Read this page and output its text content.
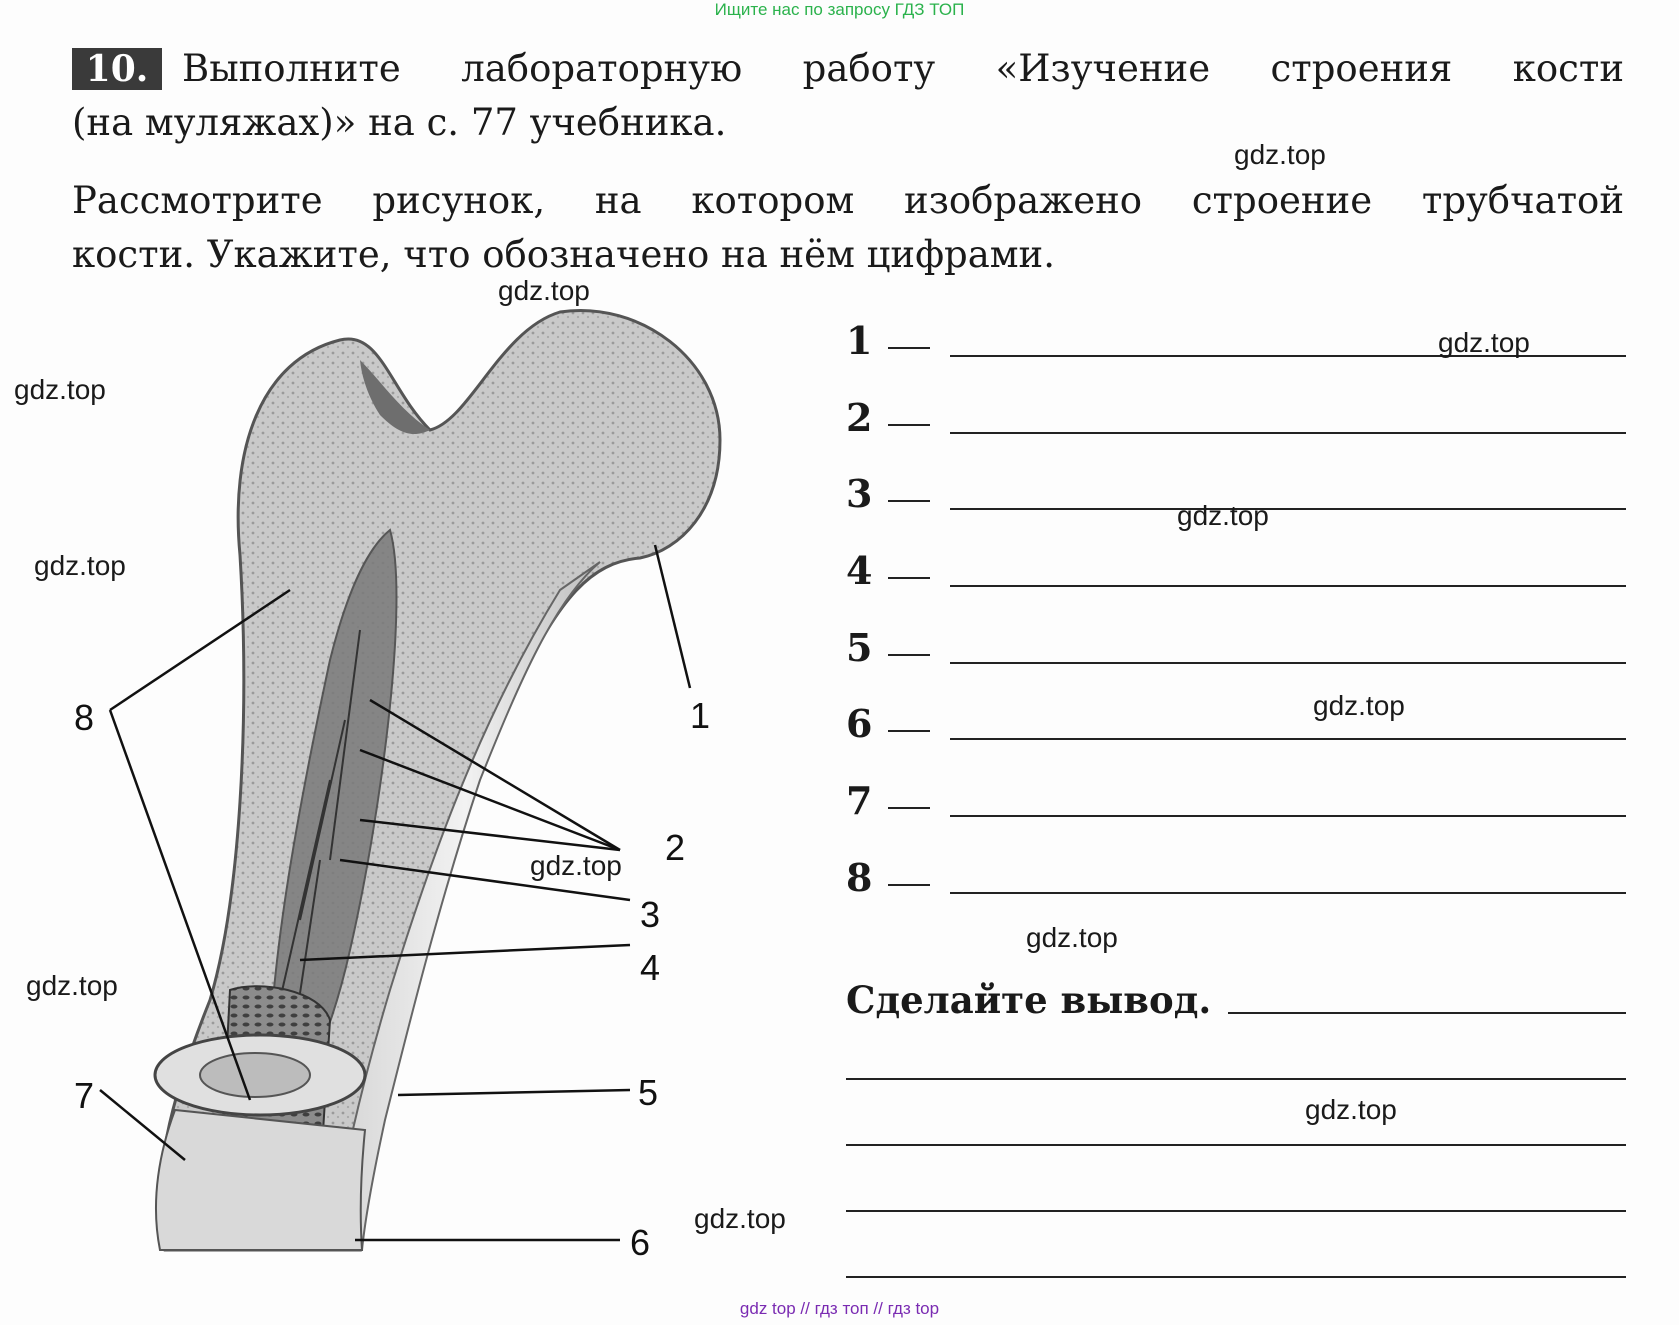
Ищите нас по запросу ГДЗ ТОП
10. Выполните лабораторную работу «Изучение строения кости
(на муляжах)» на с. 77 учебника.
Рассмотрите рисунок, на котором изображено строение трубчатой
кости. Укажите, что обозначено на нём цифрами.
1
2
3
4
5
6
7
8
1
2
3
4
5
6
7
8
Сделайте вывод.
gdz.top
gdz.top
gdz.top
gdz.top
gdz.top
gdz.top
gdz.top
gdz.top
gdz.top
gdz.top
gdz.top
gdz.top
gdz top // гдз топ // гдз top
